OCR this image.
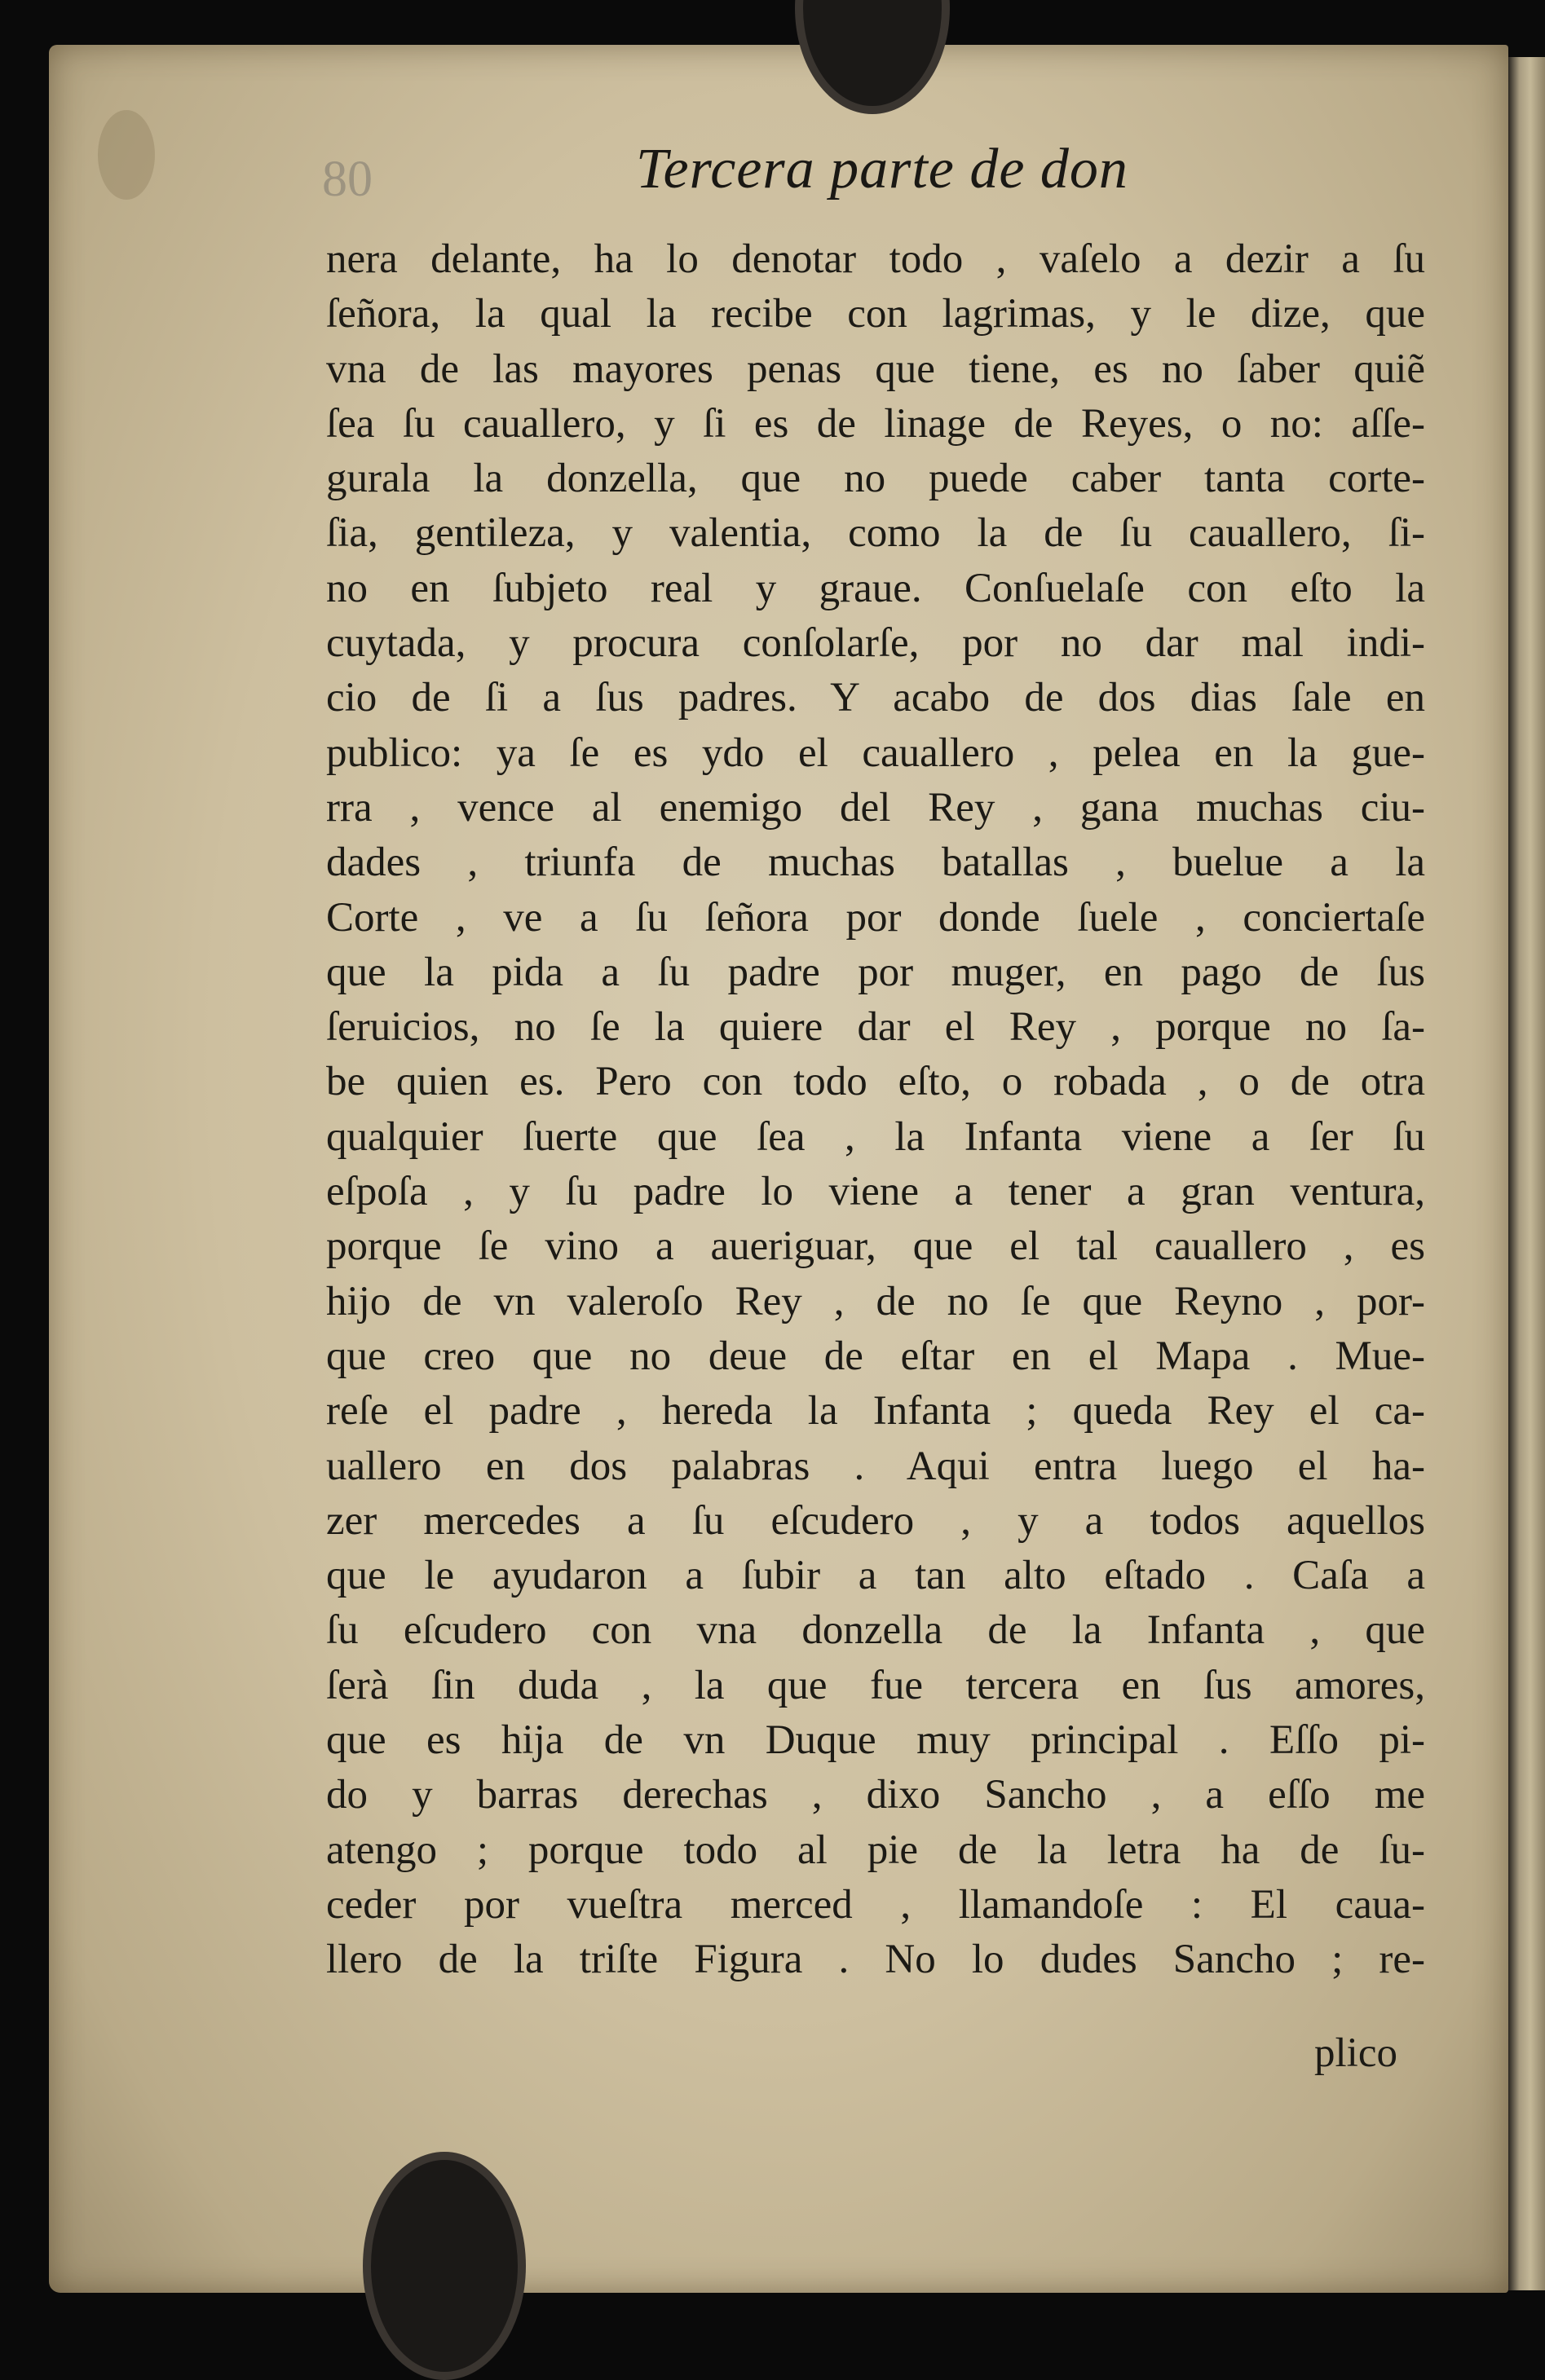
80	Tercera parte de don
nera delante, ha lo denotar todo , vaſelo a dezir a ſu
ſeñora, la qual la recibe con lagrimas, y le dize, que
vna de las mayores penas que tiene, es no ſaber quiẽ
ſea ſu cauallero, y ſi es de linage de Reyes, o no: aſſe-
gurala la donzella, que no puede caber tanta corte-
ſia, gentileza, y valentia, como la de ſu cauallero, ſi-
no en ſubjeto real y graue. Conſuelaſe con eſto la
cuytada, y procura conſolarſe, por no dar mal indi-
cio de ſi a ſus padres. Y acabo de dos dias ſale en
publico: ya ſe es ydo el cauallero , pelea en la gue-
rra , vence al enemigo del Rey , gana muchas ciu-
dades , triunfa de muchas batallas , buelue a la
Corte , ve a ſu ſeñora por donde ſuele , conciertaſe
que la pida a ſu padre por muger, en pago de ſus
ſeruicios, no ſe la quiere dar el Rey , porque no ſa-
be quien es. Pero con todo eſto, o robada , o de otra
qualquier ſuerte que ſea , la Infanta viene a ſer ſu
eſpoſa , y ſu padre lo viene a tener a gran ventura,
porque ſe vino a aueriguar, que el tal cauallero , es
hijo de vn valeroſo Rey , de no ſe que Reyno , por-
que creo que no deue de eſtar en el Mapa . Mue-
reſe el padre , hereda la Infanta ; queda Rey el ca-
uallero en dos palabras . Aqui entra luego el ha-
zer mercedes a ſu eſcudero , y a todos aquellos
que le ayudaron a ſubir a tan alto eſtado . Caſa a
ſu eſcudero con vna donzella de la Infanta , que
ſerà ſin duda , la que fue tercera en ſus amores,
que es hija de vn Duque muy principal . Eſſo pi-
do y barras derechas , dixo Sancho , a eſſo me
atengo ; porque todo al pie de la letra ha de ſu-
ceder por vueſtra merced , llamandoſe : El caua-
llero de la triſte Figura . No lo dudes Sancho ; re-
plico
